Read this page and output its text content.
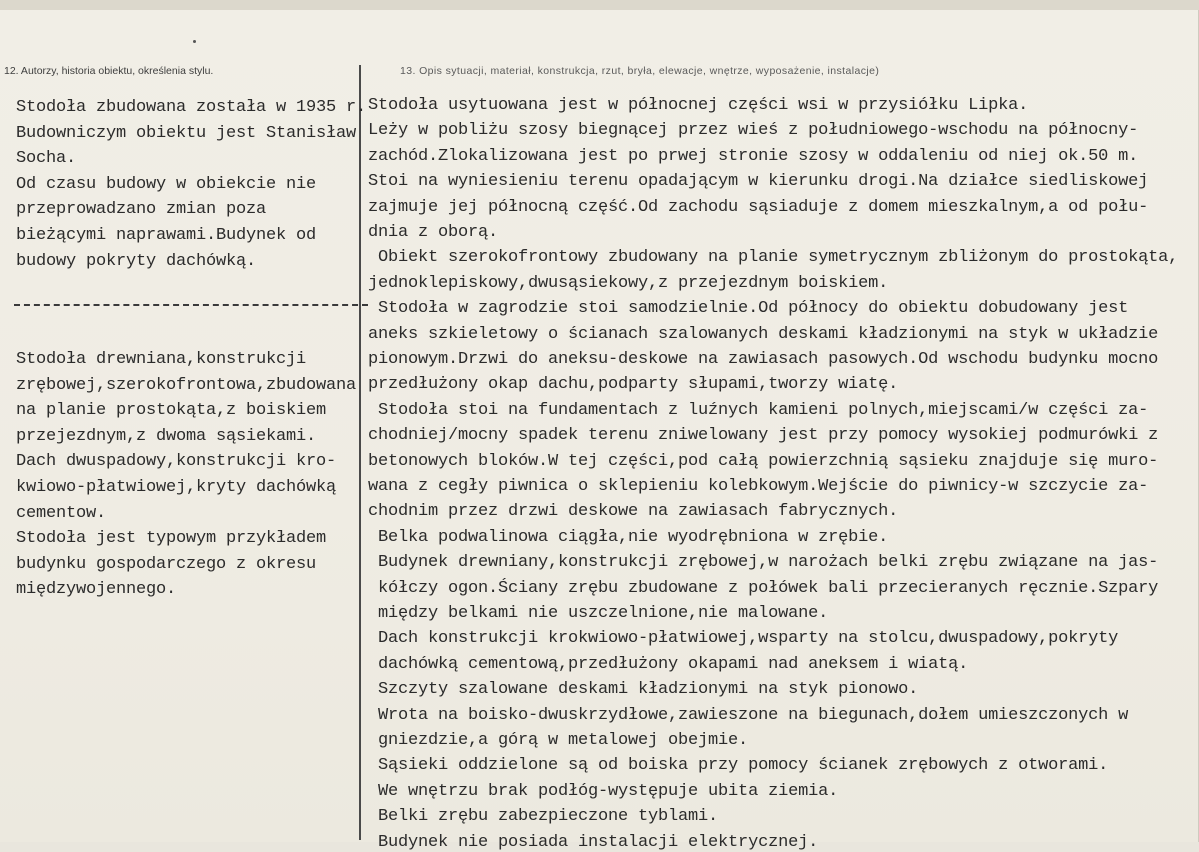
12. Autorzy, historia obiektu, określenia stylu.	13. Opis sytuacji, materiał, konstrukcja, rzut, bryła, elewacje, wnętrze, wyposażenie, instalacje)
Stodoła zbudowana została w 1935 r.
Budowniczym obiektu jest Stanisław
Socha.
Od czasu budowy w obiekcie nie
przeprowadzano zmian poza
bieżącymi naprawami.Budynek od
budowy pokryty dachówką.
Stodoła drewniana,konstrukcji
zrębowej,szerokofrontowa,zbudowana
na planie prostokąta,z boiskiem
przejezdnym,z dwoma sąsiekami.
Dach dwuspadowy,konstrukcji kro-
kwiowo-płatwiowej,kryty dachówką
cementow.
Stodoła jest typowym przykładem
budynku gospodarczego z okresu
międzywojennego.
Stodoła usytuowana jest w północnej części wsi w przysiółku Lipka.
Leży w pobliżu szosy biegnącej przez wieś z południowego-wschodu na północny-
zachód.Zlokalizowana jest po prwej stronie szosy w oddaleniu od niej ok.50 m.
Stoi na wyniesieniu terenu opadającym w kierunku drogi.Na działce siedliskowej
zajmuje jej północną część.Od zachodu sąsiaduje z domem mieszkalnym,a od połu-
dnia z oborą.
Obiekt szerokofrontowy zbudowany na planie symetrycznym zbliżonym do prostokąta,
jednoklepiskowy,dwusąsiekowy,z przejezdnym boiskiem.
Stodoła w zagrodzie stoi samodzielnie.Od północy do obiektu dobudowany jest
aneks szkieletowy o ścianach szalowanych deskami kładzionymi na styk w układzie
pionowym.Drzwi do aneksu-deskowe na zawiasach pasowych.Od wschodu budynku mocno
przedłużony okap dachu,podparty słupami,tworzy wiatę.
Stodoła stoi na fundamentach z luźnych kamieni polnych,miejscami/w części za-
chodniej/mocny spadek terenu zniwelowany jest przy pomocy wysokiej podmurówki z
betonowych bloków.W tej części,pod całą powierzchnią sąsieku znajduje się muro-
wana z cegły piwnica o sklepieniu kolebkowym.Wejście do piwnicy-w szczycie za-
chodnim przez drzwi deskowe na zawiasach fabrycznych.
Belka podwalinowa ciągła,nie wyodrębniona w zrębie.
Budynek drewniany,konstrukcji zrębowej,w narożach belki zrębu związane na jas-
kółczy ogon.Ściany zrębu zbudowane z połówek bali przecieranych ręcznie.Szpary
między belkami nie uszczelnione,nie malowane.
Dach konstrukcji krokwiowo-płatwiowej,wsparty na stolcu,dwuspadowy,pokryty
dachówką cementową,przedłużony okapami nad aneksem i wiatą.
Szczyty szalowane deskami kładzionymi na styk pionowo.
Wrota na boisko-dwuskrzydłowe,zawieszone na biegunach,dołem umieszczonych w
gniezdzie,a górą w metalowej obejmie.
Sąsieki oddzielone są od boiska przy pomocy ścianek zrębowych z otworami.
We wnętrzu brak podłóg-występuje ubita ziemia.
Belki zrębu zabezpieczone tyblami.
Budynek nie posiada instalacji elektrycznej.
